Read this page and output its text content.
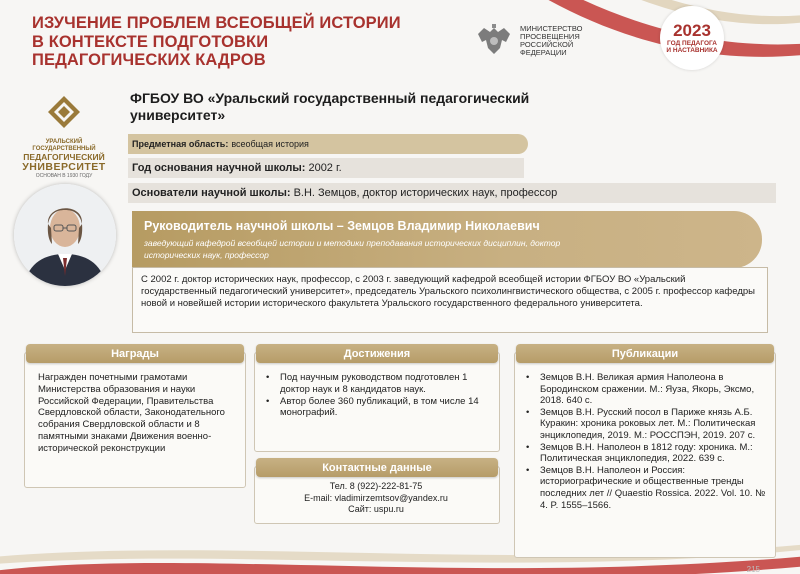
ИЗУЧЕНИЕ ПРОБЛЕМ ВСЕОБЩЕЙ ИСТОРИИ
В КОНТЕКСТЕ ПОДГОТОВКИ
ПЕДАГОГИЧЕСКИХ КАДРОВ
МИНИСТЕРСТВО
ПРОСВЕЩЕНИЯ
РОССИЙСКОЙ
ФЕДЕРАЦИИ
2023
ГОД ПЕДАГОГА
И НАСТАВНИКА
УРАЛЬСКИЙ ГОСУДАРСТВЕННЫЙ
ПЕДАГОГИЧЕСКИЙ
УНИВЕРСИТЕТ
ОСНОВАН В 1930 ГОДУ
ФГБОУ ВО «Уральский государственный педагогический университет»
Предметная область: всеобщая история
Год основания научной школы: 2002 г.
Основатели научной школы: В.Н. Земцов, доктор исторических наук, профессор
Руководитель научной школы – Земцов Владимир Николаевич
заведующий кафедрой всеобщей истории и методики преподавания исторических дисциплин, доктор исторических наук, профессор
С 2002 г. доктор исторических наук, профессор, с 2003 г. заведующий кафедрой всеобщей истории ФГБОУ ВО «Уральский государственный педагогический университет», председатель Уральского психолингвистического общества, с 2005 г. профессор кафедры новой и новейшей истории исторического факультета Уральского государственного федерального университета.
Награды
Награжден почетными грамотами Министерства образования и науки Российской Федерации, Правительства Свердловской области, Законодательного собрания Свердловской области и 8 памятными знаками Движения военно-исторической реконструкции
Достижения
• Под научным руководством подготовлен 1 доктор наук и 8 кандидатов наук.
• Автор более 360 публикаций, в том числе 14 монографий.
Контактные данные
Тел. 8 (922)-222-81-75
E-mail: vladimirzemtsov@yandex.ru
Сайт: uspu.ru
Публикации
• Земцов В.Н. Великая армия Наполеона в Бородинском сражении. М.: Яуза, Якорь, Эксмо, 2018. 640 с.
• Земцов В.Н. Русский посол в Париже князь А.Б. Куракин: хроника роковых лет. М.: Политическая энциклопедия, 2019. М.: РОССПЭН, 2019. 207 с.
• Земцов В.Н. Наполеон в 1812 году: хроника. М.: Политическая энциклопедия, 2022. 639 с.
• Земцов В.Н. Наполеон и Россия: историографические и общественные тренды последних лет // Quaestio Rossica. 2022. Vol. 10. № 4. P. 1555–1566.
215
